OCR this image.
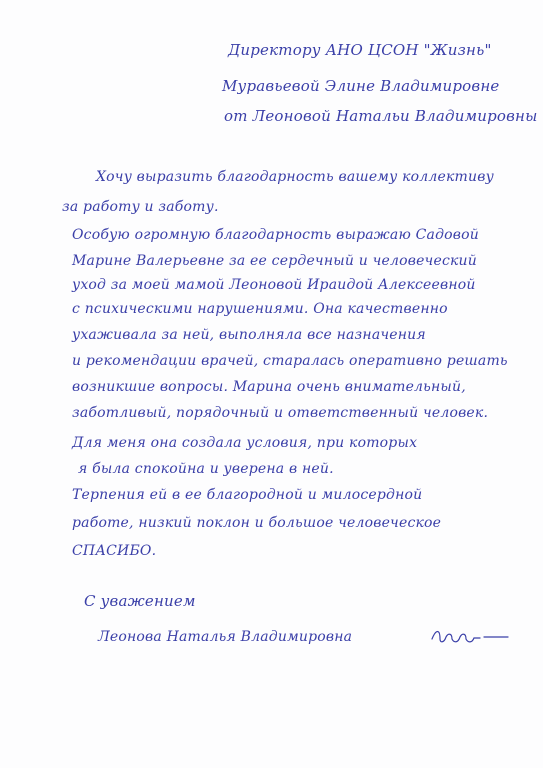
Директору АНО ЦСОН "Жизнь"
Муравьевой Элине Владимировне
от Леоновой Натальи Владимировны
Хочу выразить благодарность вашему коллективу
за работу и заботу.
Особую огромную благодарность выражаю Садовой
Марине Валерьевне за ее сердечный и человеческий
уход за моей мамой Леоновой Ираидой Алексеевной
с психическими нарушениями. Она качественно
ухаживала за ней, выполняла все назначения
и рекомендации врачей, старалась оперативно решать
возникшие вопросы. Марина очень внимательный,
заботливый, порядочный и ответственный человек.
Для меня она создала условия, при которых
я была спокойна и уверена в ней.
Терпения ей в ее благородной и милосердной
работе, низкий поклон и большое человеческое
СПАСИБО.
С уважением
Леонова Наталья Владимировна
